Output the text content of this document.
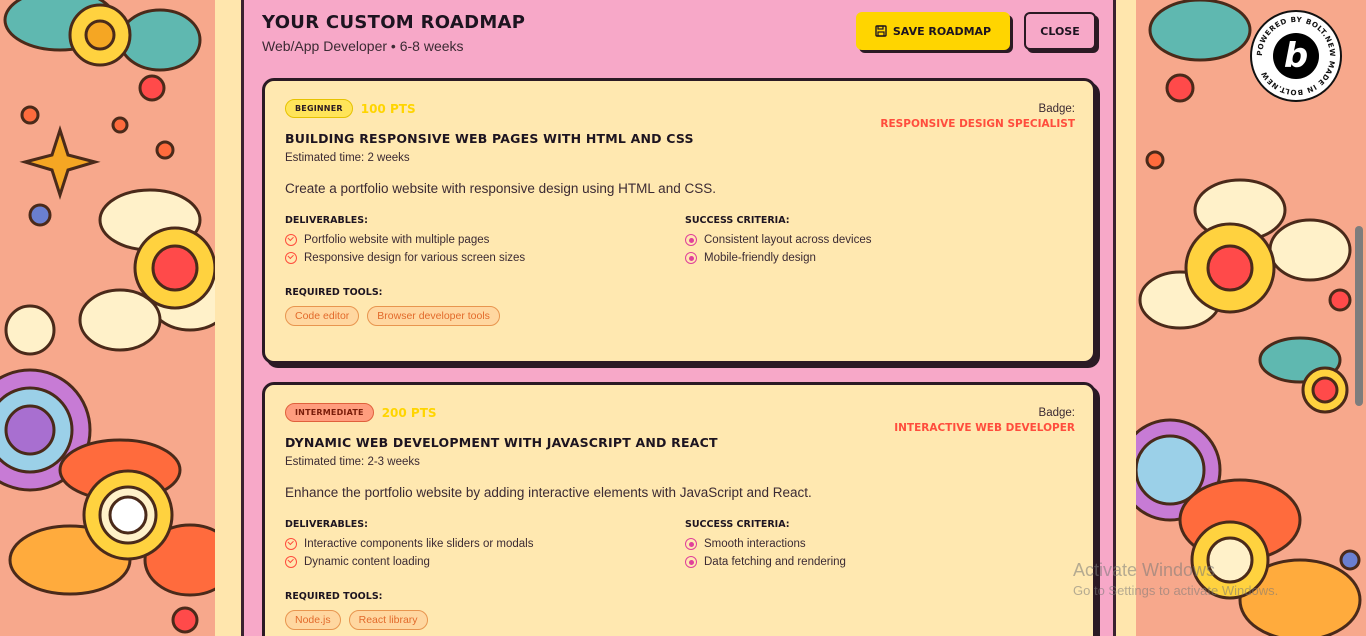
YOUR CUSTOM ROADMAP
Web/App Developer • 6-8 weeks
SAVE ROADMAP	CLOSE
BEGINNER	100 PTS
BUILDING RESPONSIVE WEB PAGES WITH HTML AND CSS
Estimated time: 2 weeks
Badge:
RESPONSIVE DESIGN SPECIALIST
Create a portfolio website with responsive design using HTML and CSS.
DELIVERABLES:
Portfolio website with multiple pages
Responsive design for various screen sizes
SUCCESS CRITERIA:
Consistent layout across devices
Mobile-friendly design
REQUIRED TOOLS:
Code editor	Browser developer tools
INTERMEDIATE	200 PTS
DYNAMIC WEB DEVELOPMENT WITH JAVASCRIPT AND REACT
Estimated time: 2-3 weeks
Badge:
INTERACTIVE WEB DEVELOPER
Enhance the portfolio website by adding interactive elements with JavaScript and React.
DELIVERABLES:
Interactive components like sliders or modals
Dynamic content loading
SUCCESS CRITERIA:
Smooth interactions
Data fetching and rendering
REQUIRED TOOLS:
Node.js	React library
POWERED BY BOLT.NEW MADE IN BOLT.NEW b
Activate Windows
Go to Settings to activate Windows.
